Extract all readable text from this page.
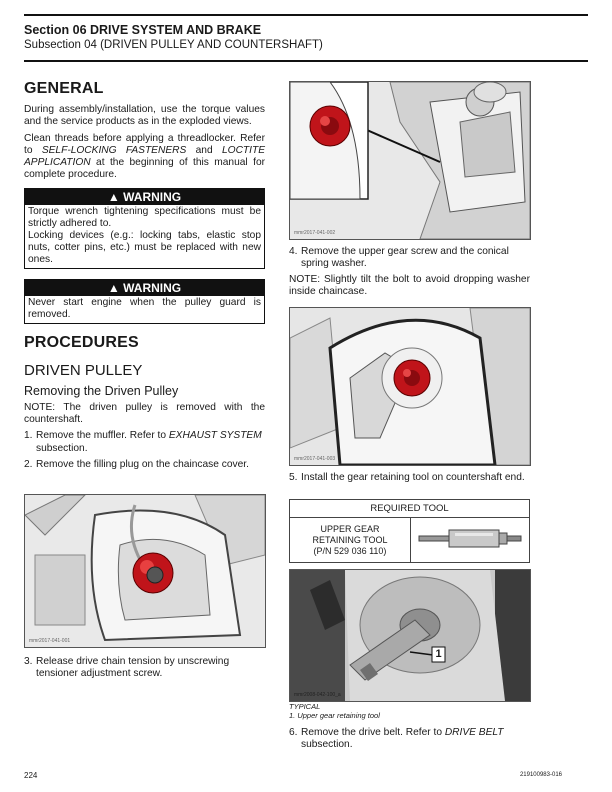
Section 06 DRIVE SYSTEM AND BRAKE
Subsection 04 (DRIVEN PULLEY AND COUNTERSHAFT)
GENERAL

During assembly/installation, use the torque values and the service products as in the exploded views.

Clean threads before applying a threadlocker. Refer to SELF-LOCKING FASTENERS and LOCTITE APPLICATION at the beginning of this manual for complete procedure.

▲ WARNING
Torque wrench tightening specifications must be strictly adhered to.
Locking devices (e.g.: locking tabs, elastic stop nuts, cotter pins, etc.) must be replaced with new ones.
▲ WARNING
Never start engine when the pulley guard is removed.
PROCEDURES
DRIVEN PULLEY
Removing the Driven Pulley

NOTE: The driven pulley is removed with the countershaft.

1. Remove the muffler. Refer to EXHAUST SYSTEM subsection.
2. Remove the filling plug on the chaincase cover.
mmr2017-041-001
3. Release drive chain tension by unscrewing tensioner adjustment screw.
mmr2017-041-002
4. Remove the upper gear screw and the conical spring washer.

NOTE: Slightly tilt the bolt to avoid dropping washer inside chaincase.

mmr2017-041-003
5. Install the gear retaining tool on countershaft end.
REQUIRED TOOL

UPPER GEAR RETAINING TOOL
(P/N 529 036 110)

1
mmr2008-042-100_a
TYPICAL
1. Upper gear retaining tool
6. Remove the drive belt. Refer to DRIVE BELT subsection.
224	219100983-016
